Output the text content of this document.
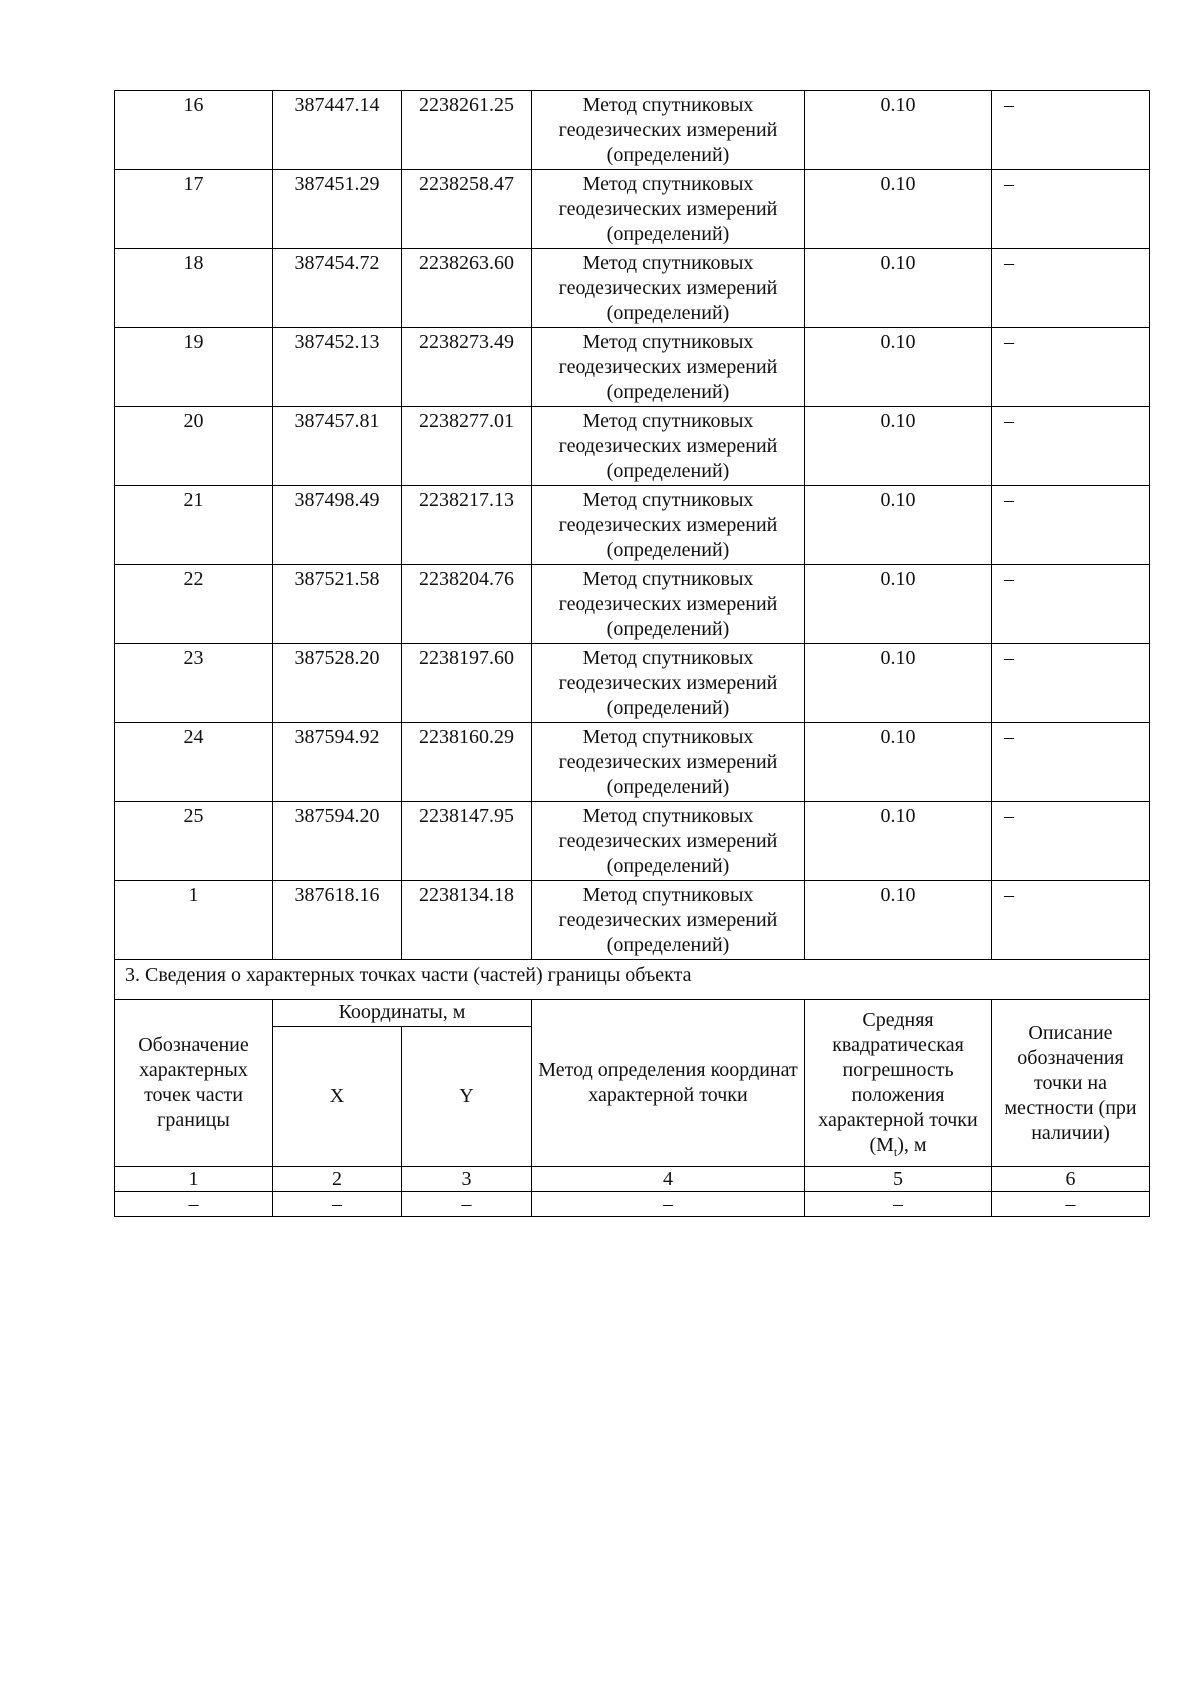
16	387447.14	2238261.25	Метод спутниковых геодезических измерений (определений)	0.10	–
17	387451.29	2238258.47	Метод спутниковых геодезических измерений (определений)	0.10	–
18	387454.72	2238263.60	Метод спутниковых геодезических измерений (определений)	0.10	–
19	387452.13	2238273.49	Метод спутниковых геодезических измерений (определений)	0.10	–
20	387457.81	2238277.01	Метод спутниковых геодезических измерений (определений)	0.10	–
21	387498.49	2238217.13	Метод спутниковых геодезических измерений (определений)	0.10	–
22	387521.58	2238204.76	Метод спутниковых геодезических измерений (определений)	0.10	–
23	387528.20	2238197.60	Метод спутниковых геодезических измерений (определений)	0.10	–
24	387594.92	2238160.29	Метод спутниковых геодезических измерений (определений)	0.10	–
25	387594.20	2238147.95	Метод спутниковых геодезических измерений (определений)	0.10	–
1	387618.16	2238134.18	Метод спутниковых геодезических измерений (определений)	0.10	–
3. Сведения о характерных точках части (частей) границы объекта					
Обозначение характерных точек части границы	Координаты, м		Метод определения координат характерной точки	Средняя квадратическая погрешность положения характерной точки $(M_t)$, м	Описание обозначения точки на местности (при наличии)
	X	Y			
1	2	3	4	5	6
–	–	–	–	–	–
